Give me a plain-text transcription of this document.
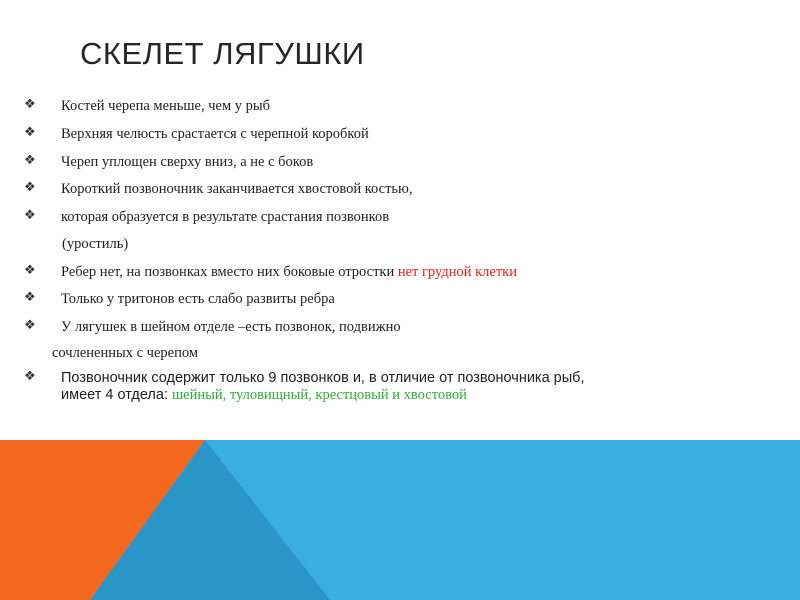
СКЕЛЕТ ЛЯГУШКИ
❖ Костей черепа меньше, чем у рыб
❖ Верхняя челюсть срастается с черепной коробкой
❖ Череп уплощен сверху вниз, а не с боков
❖ Короткий позвоночник заканчивается хвостовой костью,
❖ которая образуется в результате срастания позвонков
(уростиль)
❖ Ребер нет, на позвонках вместо них боковые отростки нет грудной клетки
❖ Только у тритонов есть слабо развиты ребра
❖ У лягушек в шейном отделе –есть позвонок, подвижно
сочлененных с черепом
❖ Позвоночник содержит только 9 позвонков и, в отличие от позвоночника рыб,
имеет 4 отдела: шейный, туловищный, крестцовый и хвостовой
